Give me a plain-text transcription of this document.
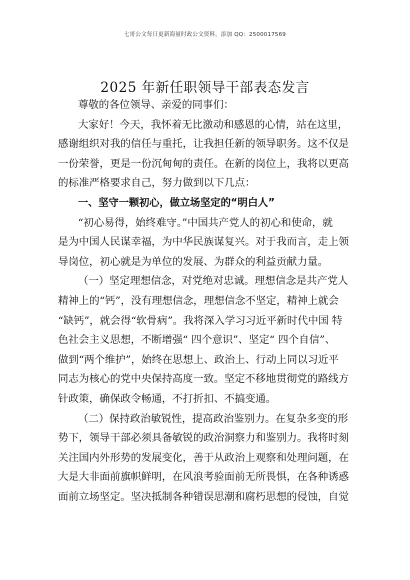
七哥公文每日更新海量时政公文资料，添加 QQ：2500017569
2025 年新任职领导干部表态发言
尊敬的各位领导、亲爱的同事们：
大家好！今天，我怀着无比激动和感恩的心情，站在这里，
感谢组织对我的信任与重托，让我担任新的领导职务。这不仅是
一份荣誉，更是一份沉甸甸的责任。在新的岗位上，我将以更高
的标准严格要求自己，努力做到以下几点：
一、坚守一颗初心，做立场坚定的“明白人”
“初心易得，始终难守。”中国共产党人的初心和使命，就
是为中国人民谋幸福，为中华民族谋复兴。对于我而言，走上领
导岗位，初心就是为单位的发展、为群众的利益贡献力量。
（一）坚定理想信念，对党绝对忠诚。理想信念是共产党人
精神上的“钙”，没有理想信念，理想信念不坚定，精神上就会
“缺钙”，就会得“软骨病”。我将深入学习习近平新时代中国 特
色社会主义思想，不断增强“ 四个意识”、坚定“ 四个自信”、
做到“两个维护”，始终在思想上、政治上、行动上同以习近平
同志为核心的党中央保持高度一致。坚定不移地贯彻党的路线方
针政策，确保政令畅通，不打折扣、不搞变通。
（二）保持政治敏锐性，提高政治鉴别力。在复杂多变的形
势下，领导干部必须具备敏锐的政治洞察力和鉴别力。我将时刻
关注国内外形势的发展变化，善于从政治上观察和处理问题，在
大是大非面前旗帜鲜明，在风浪考验面前无所畏惧，在各种诱惑
面前立场坚定。坚决抵制各种错误思潮和腐朽思想的侵蚀，自觉
